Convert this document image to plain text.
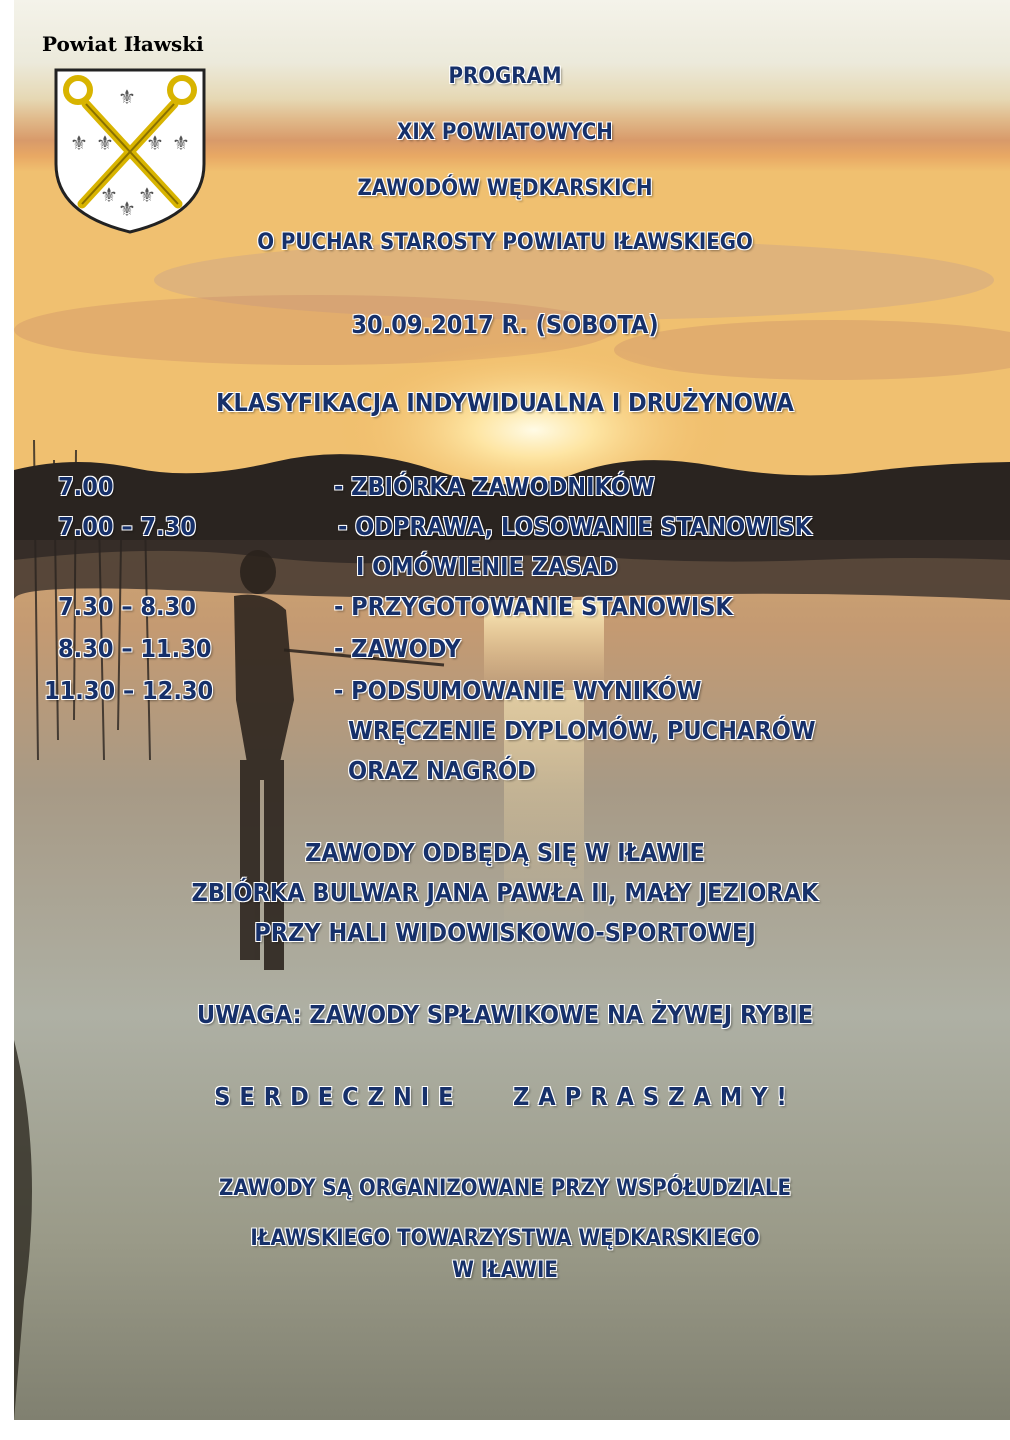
Powiat Iławski
⚜
⚜ ⚜ ⚜ ⚜
⚜
⚜
⚜
PROGRAM
XIX POWIATOWYCH
ZAWODÓW WĘDKARSKICH
O PUCHAR STAROSTY POWIATU IŁAWSKIEGO
30.09.2017 R. (SOBOTA)
KLASYFIKACJA INDYWIDUALNA I DRUŻYNOWA
7.00	- ZBIÓRKA ZAWODNIKÓW
7.00 – 7.30	- ODPRAWA, LOSOWANIE STANOWISK
I OMÓWIENIE ZASAD
7.30 – 8.30	- PRZYGOTOWANIE STANOWISK
8.30 – 11.30	- ZAWODY
11.30 – 12.30	- PODSUMOWANIE WYNIKÓW
WRĘCZENIE DYPLOMÓW, PUCHARÓW
ORAZ NAGRÓD
ZAWODY ODBĘDĄ SIĘ W IŁAWIE
ZBIÓRKA BULWAR JANA PAWŁA II, MAŁY JEZIORAK
PRZY HALI WIDOWISKOWO-SPORTOWEJ
UWAGA: ZAWODY SPŁAWIKOWE NA ŻYWEJ RYBIE
SERDECZNIE   ZAPRASZAMY!
ZAWODY SĄ ORGANIZOWANE PRZY WSPÓŁUDZIALE
IŁAWSKIEGO TOWARZYSTWA WĘDKARSKIEGO
W IŁAWIE
